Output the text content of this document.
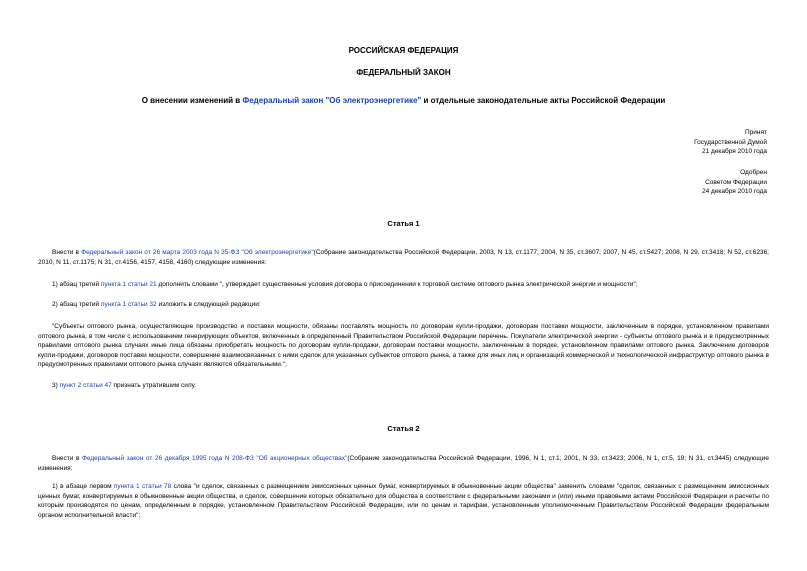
РОССИЙСКАЯ ФЕДЕРАЦИЯ
ФЕДЕРАЛЬНЫЙ ЗАКОН
О внесении изменений в Федеральный закон "Об электроэнергетике" и отдельные законодательные акты Российской Федерации
Принят
Государственной Думой
21 декабря 2010 года
Одобрен
Советом Федерации
24 декабря 2010 года
Статья 1
Внести в Федеральный закон от 26 марта 2003 года N 35-ФЗ "Об электроэнергетике"(Собрание законодательства Российской Федерации, 2003, N 13, ст.1177; 2004, N 35, ст.3607; 2007, N 45, ст.5427; 2008, N 29, ст.3418; N 52, ст.6236; 2010, N 11, ст.1175; N 31, ст.4156, 4157, 4158, 4160) следующие изменения:
1) абзац третий пункта 1 статьи 21 дополнить словами ", утверждает существенные условия договора о присоединении к торговой системе оптового рынка электрической энергии и мощности";
2) абзац третий пункта 1 статьи 32 изложить в следующей редакции:
"Субъекты оптового рынка, осуществляющие производство и поставки мощности, обязаны поставлять мощность по договорам купли-продажи, договорам поставки мощности, заключенным в порядке, установленном правилами оптового рынка, в том числе с использованием генерирующих объектов, включенных в определенный Правительством Российской Федерации перечень. Покупатели электрической энергии - субъекты оптового рынка и в предусмотренных правилами оптового рынка случаях иные лица обязаны приобретать мощность по договорам купли-продажи, договорам поставки мощности, заключенным в порядке, установленном правилами оптового рынка. Заключение договоров купли-продажи, договоров поставки мощности, совершение взаимосвязанных с ними сделок для указанных субъектов оптового рынка, а также для иных лиц и организаций коммерческой и технологической инфраструктур оптового рынка в предусмотренных правилами оптового рынка случаях являются обязательными.";
3) пункт 2 статьи 47 признать утратившим силу.
Статья 2
Внести в Федеральный закон от 26 декабря 1995 года N 208-ФЗ "Об акционерных обществах"(Собрание законодательства Российской Федерации, 1996, N 1, ст.1; 2001, N 33, ст.3423; 2006, N 1, ст.5, 19; N 31, ст.3445) следующие изменения:
1) в абзаце первом пункта 1 статьи 78 слова "и сделок, связанных с размещением эмиссионных ценных бумаг, конвертируемых в обыкновенные акции общества" заменить словами "сделок, связанных с размещением эмиссионных ценных бумаг, конвертируемых в обыкновенные акции общества, и сделок, совершение которых обязательно для общества в соответствии с федеральными законами и (или) иными правовыми актами Российской Федерации и расчеты по которым производятся по ценам, определенным в порядке, установленном Правительством Российской Федерации, или по ценам и тарифам, установленным уполномоченным Правительством Российской Федерации федеральным органом исполнительной власти";
